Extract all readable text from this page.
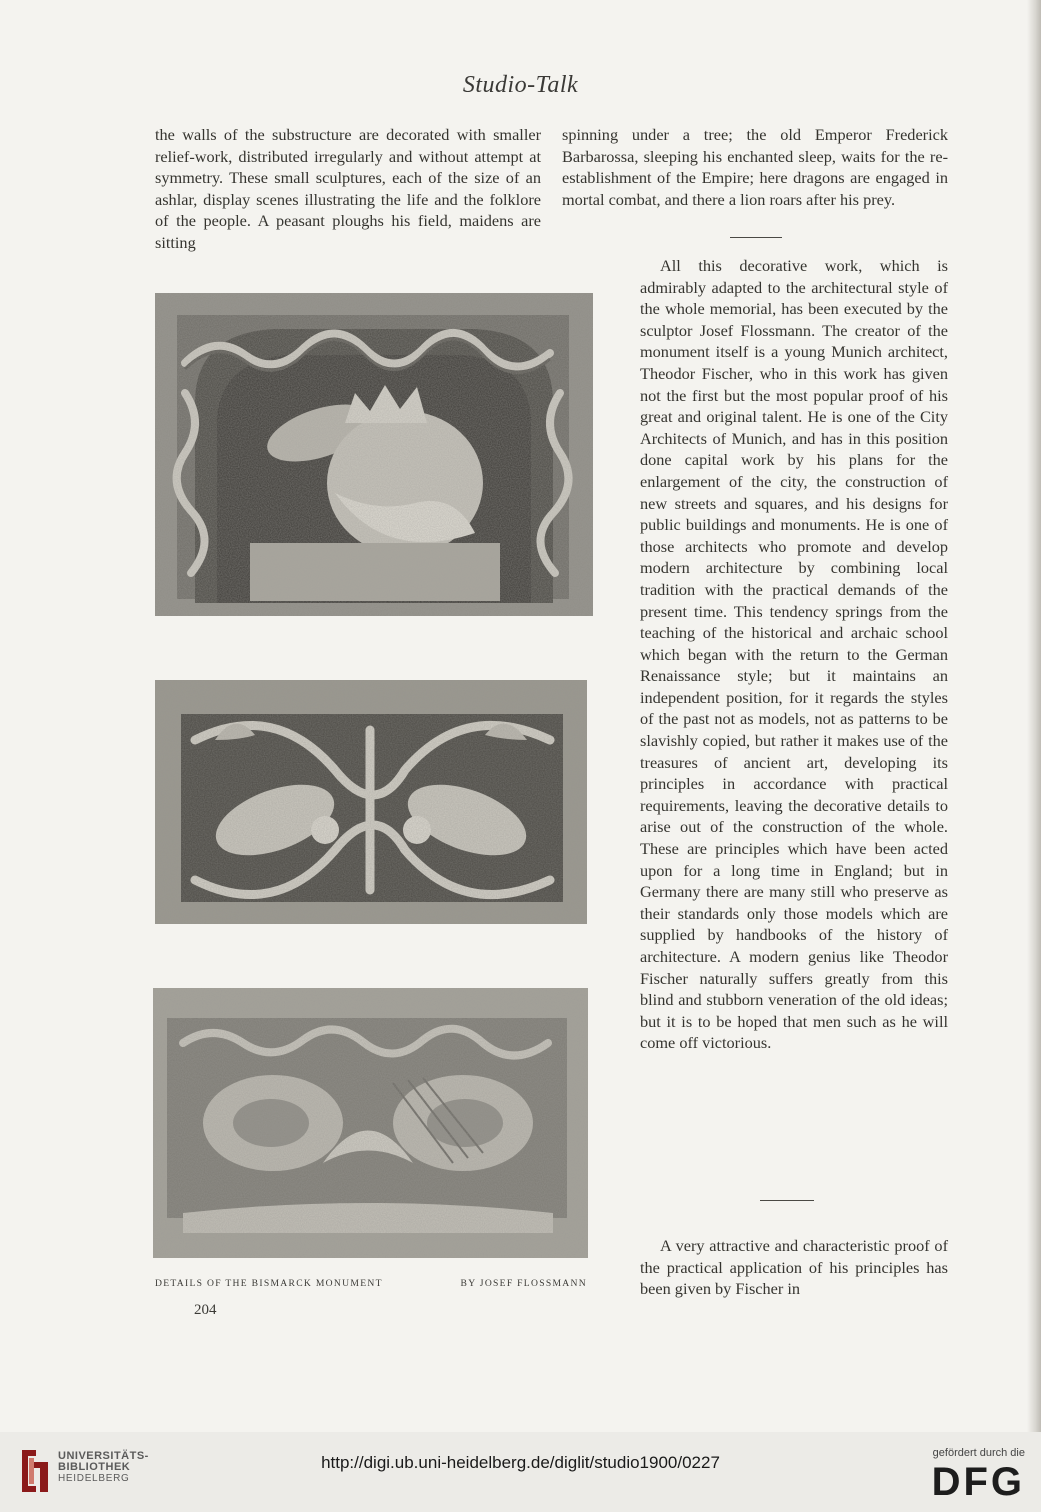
Studio-Talk

the walls of the substructure are decorated with smaller relief-work, distributed irregularly and without attempt at symmetry. These small sculptures, each of the size of an ashlar, display scenes illustrating the life and the folklore of the people. A peasant ploughs his field, maidens are sitting

spinning under a tree; the old Emperor Frederick Barbarossa, sleeping his enchanted sleep, waits for the re-establishment of the Empire; here dragons are engaged in mortal combat, and there a lion roars after his prey.

All this decorative work, which is admirably adapted to the architectural style of the whole memorial, has been executed by the sculptor Josef Flossmann. The creator of the monument itself is a young Munich architect, Theodor Fischer, who in this work has given not the first but the most popular proof of his great and original talent. He is one of the City Architects of Munich, and has in this position done capital work by his plans for the enlargement of the city, the construction of new streets and squares, and his designs for public buildings and monuments. He is one of those architects who promote and develop modern architecture by combining local tradition with the practical demands of the present time. This tendency springs from the teaching of the historical and archaic school which began with the return to the German Renaissance style; but it maintains an independent position, for it regards the styles of the past not as models, not as patterns to be slavishly copied, but rather it makes use of the treasures of ancient art, developing its principles in accordance with practical requirements, leaving the decorative details to arise out of the construction of the whole. These are principles which have been acted upon for a long time in England; but in Germany there are many still who preserve as their standards only those models which are supplied by handbooks of the history of architecture. A modern genius like Theodor Fischer naturally suffers greatly from this blind and stubborn veneration of the old ideas; but it is to be hoped that men such as he will come off victorious.

A very attractive and characteristic proof of the practical application of his principles has been given by Fischer in

DETAILS OF THE BISMARCK MONUMENT	BY JOSEF FLOSSMANN
204
UNIVERSITÄTS-
BIBLIOTHEK
HEIDELBERG
http://digi.ub.uni-heidelberg.de/diglit/studio1900/0227	gefördert durch die
DFG
